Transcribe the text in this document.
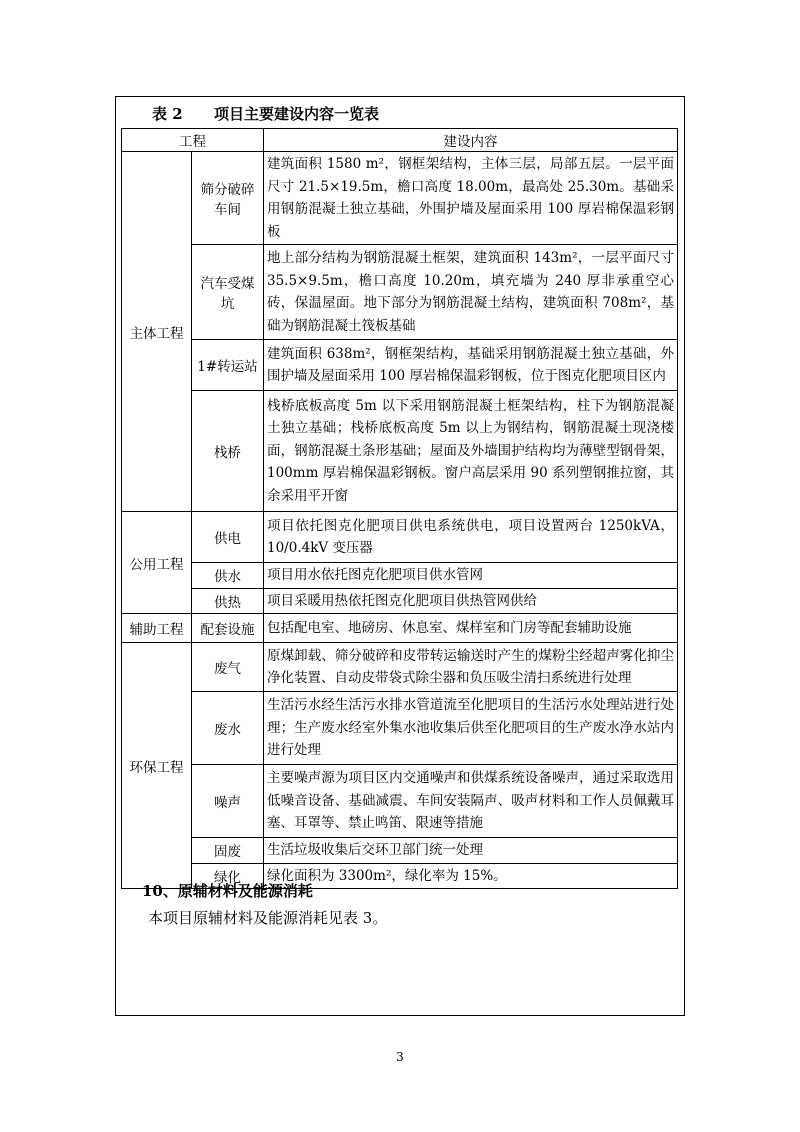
表 2 项目主要建设内容一览表
工程		建设内容
主体工程	筛分破碎车间	建筑面积 1580 m²，钢框架结构，主体三层，局部五层。一层平面尺寸 21.5×19.5m，檐口高度 18.00m，最高处 25.30m。基础采用钢筋混凝土独立基础，外围护墙及屋面采用 100 厚岩棉保温彩钢板
	汽车受煤坑	地上部分结构为钢筋混凝土框架，建筑面积 143m²，一层平面尺寸 35.5×9.5m，檐口高度 10.20m，填充墙为 240 厚非承重空心砖，保温屋面。地下部分为钢筋混凝土结构，建筑面积 708m²，基础为钢筋混凝土筏板基础
	1#转运站	建筑面积 638m²，钢框架结构，基础采用钢筋混凝土独立基础，外围护墙及屋面采用 100 厚岩棉保温彩钢板，位于图克化肥项目区内
	栈桥	栈桥底板高度 5m 以下采用钢筋混凝土框架结构，柱下为钢筋混凝土独立基础；栈桥底板高度 5m 以上为钢结构，钢筋混凝土现浇楼面，钢筋混凝土条形基础；屋面及外墙围护结构均为薄壁型钢骨架，100mm 厚岩棉保温彩钢板。窗户高层采用 90 系列塑钢推拉窗，其余采用平开窗
公用工程	供电	项目依托图克化肥项目供电系统供电，项目设置两台 1250kVA，10/0.4kV 变压器
	供水	项目用水依托图克化肥项目供水管网
	供热	项目采暖用热依托图克化肥项目供热管网供给
辅助工程	配套设施	包括配电室、地磅房、休息室、煤样室和门房等配套辅助设施
环保工程	废气	原煤卸载、筛分破碎和皮带转运输送时产生的煤粉尘经超声雾化抑尘净化装置、自动皮带袋式除尘器和负压吸尘清扫系统进行处理
	废水	生活污水经生活污水排水管道流至化肥项目的生活污水处理站进行处理；生产废水经室外集水池收集后供至化肥项目的生产废水净水站内进行处理
	噪声	主要噪声源为项目区内交通噪声和供煤系统设备噪声，通过采取选用低噪音设备、基础减震、车间安装隔声、吸声材料和工作人员佩戴耳塞、耳罩等、禁止鸣笛、限速等措施
	固废	生活垃圾收集后交环卫部门统一处理
	绿化	绿化面积为 3300m²，绿化率为 15%。
10、原辅材料及能源消耗
本项目原辅材料及能源消耗见表 3。
3
